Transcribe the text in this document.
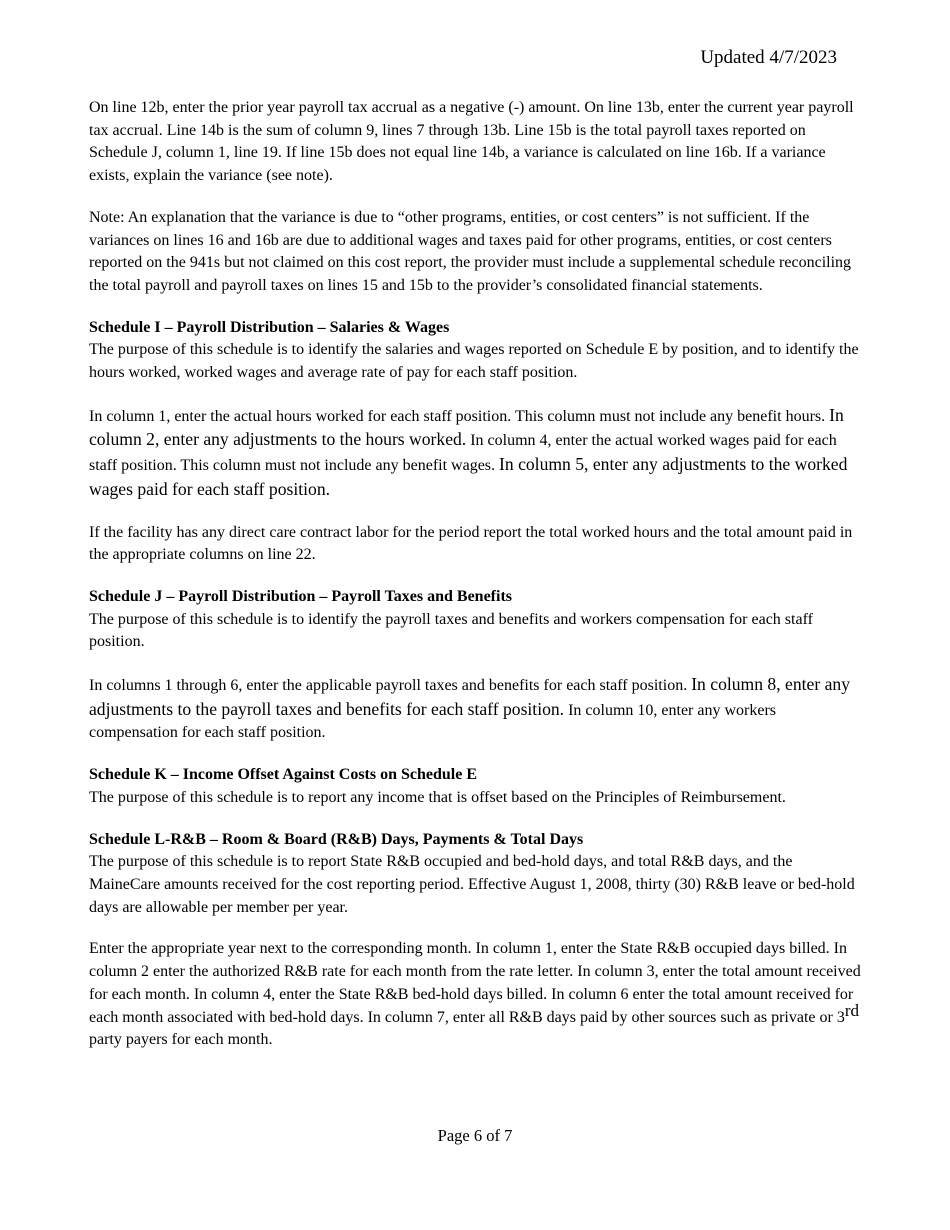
Updated 4/7/2023

On line 12b, enter the prior year payroll tax accrual as a negative (-) amount. On line 13b, enter the current year payroll tax accrual. Line 14b is the sum of column 9, lines 7 through 13b. Line 15b is the total payroll taxes reported on Schedule J, column 1, line 19. If line 15b does not equal line 14b, a variance is calculated on line 16b. If a variance exists, explain the variance (see note).

Note: An explanation that the variance is due to “other programs, entities, or cost centers” is not sufficient. If the variances on lines 16 and 16b are due to additional wages and taxes paid for other programs, entities, or cost centers reported on the 941s but not claimed on this cost report, the provider must include a supplemental schedule reconciling the total payroll and payroll taxes on lines 15 and 15b to the provider’s consolidated financial statements.

Schedule I – Payroll Distribution – Salaries & Wages

The purpose of this schedule is to identify the salaries and wages reported on Schedule E by position, and to identify the hours worked, worked wages and average rate of pay for each staff position.

In column 1, enter the actual hours worked for each staff position. This column must not include any benefit hours. In column 2, enter any adjustments to the hours worked. In column 4, enter the actual worked wages paid for each staff position. This column must not include any benefit wages. In column 5, enter any adjustments to the worked wages paid for each staff position.

If the facility has any direct care contract labor for the period report the total worked hours and the total amount paid in the appropriate columns on line 22.

Schedule J – Payroll Distribution – Payroll Taxes and Benefits

The purpose of this schedule is to identify the payroll taxes and benefits and workers compensation for each staff position.

In columns 1 through 6, enter the applicable payroll taxes and benefits for each staff position. In column 8, enter any adjustments to the payroll taxes and benefits for each staff position. In column 10, enter any workers compensation for each staff position.

Schedule K – Income Offset Against Costs on Schedule E

The purpose of this schedule is to report any income that is offset based on the Principles of Reimbursement.

Schedule L-R&B – Room & Board (R&B) Days, Payments & Total Days

The purpose of this schedule is to report State R&B occupied and bed-hold days, and total R&B days, and the MaineCare amounts received for the cost reporting period. Effective August 1, 2008, thirty (30) R&B leave or bed-hold days are allowable per member per year.

Enter the appropriate year next to the corresponding month. In column 1, enter the State R&B occupied days billed. In column 2 enter the authorized R&B rate for each month from the rate letter. In column 3, enter the total amount received for each month. In column 4, enter the State R&B bed-hold days billed. In column 6 enter the total amount received for each month associated with bed-hold days. In column 7, enter all R&B days paid by other sources such as private or 3rd party payers for each month.

Page 6 of 7
